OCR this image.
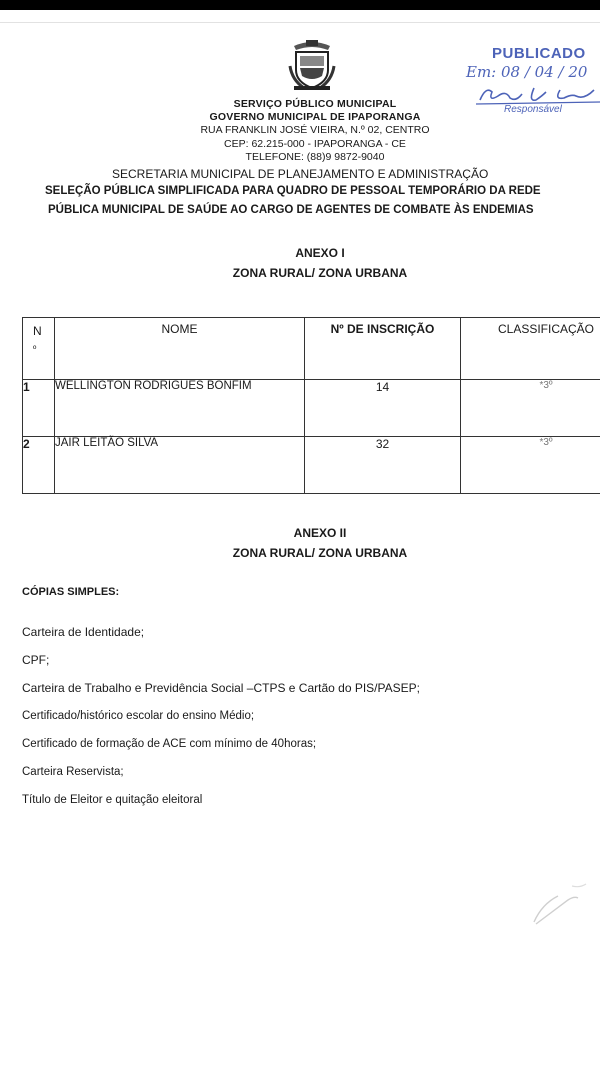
PUBLICADO
Em: 08 / 04 / 20
Responsável
SERVIÇO PÚBLICO MUNICIPAL
GOVERNO MUNICIPAL DE IPAPORANGA
RUA FRANKLIN JOSÉ VIEIRA, N.º 02, CENTRO
CEP: 62.215-000 - IPAPORANGA - CE
TELEFONE: (88)9 9872-9040
SECRETARIA MUNICIPAL DE PLANEJAMENTO E ADMINISTRAÇÃO
SELEÇÃO PÚBLICA SIMPLIFICADA PARA QUADRO DE PESSOAL TEMPORÁRIO DA REDE
PÚBLICA MUNICIPAL DE SAÚDE AO CARGO DE AGENTES DE COMBATE ÀS ENDEMIAS
ANEXO I
ZONA RURAL/ ZONA URBANA
N
º	NOME	Nº DE INSCRIÇÃO	CLASSIFICAÇÃO
1	WELLINGTON RODRIGUES BONFIM	14	*3º
2	JAIR LEITÃO SILVA	32	*3º
ANEXO II
ZONA RURAL/ ZONA URBANA
CÓPIAS SIMPLES:
Carteira de Identidade;
CPF;
Carteira de Trabalho e Previdência Social –CTPS e Cartão do PIS/PASEP;
Certificado/histórico escolar do ensino Médio;
Certificado de formação de ACE com mínimo de 40horas;
Carteira Reservista;
Título de Eleitor e quitação eleitoral
